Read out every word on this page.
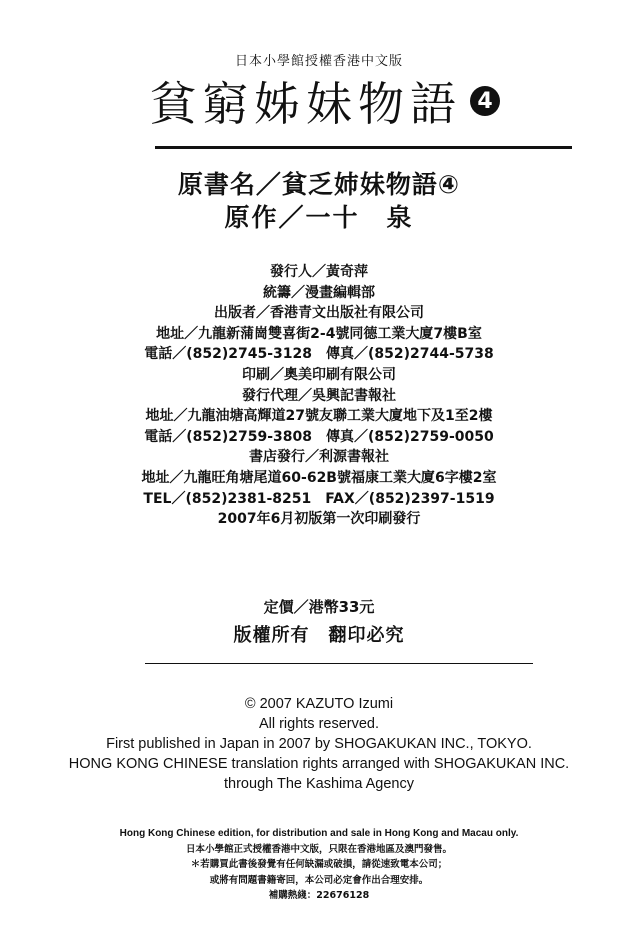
日本小學館授權香港中文版
貧窮姊妹物語 4
原書名／貧乏姉妹物語④
原作／一十　泉
發行人／黃奇萍
統籌／漫畫編輯部
出版者／香港青文出版社有限公司
地址／九龍新蒲崗雙喜街2-4號同德工業大廈7樓B室
電話／(852)2745-3128　傳真／(852)2744-5738
印刷／奧美印刷有限公司
發行代理／吳興記書報社
地址／九龍油塘高輝道27號友聯工業大廈地下及1至2樓
電話／(852)2759-3808　傳真／(852)2759-0050
書店發行／利源書報社
地址／九龍旺角塘尾道60-62B號福康工業大廈6字樓2室
TEL／(852)2381-8251　FAX／(852)2397-1519
2007年6月初版第一次印刷發行
定價／港幣33元
版權所有　翻印必究
© 2007 KAZUTO Izumi
All rights reserved.
First published in Japan in 2007 by SHOGAKUKAN INC., TOKYO.
HONG KONG CHINESE translation rights arranged with SHOGAKUKAN INC.
through The Kashima Agency
Hong Kong Chinese edition, for distribution and sale in Hong Kong and Macau only.
日本小學館正式授權香港中文版，只限在香港地區及澳門發售。
＊若購買此書後發覺有任何缺漏或破損，請從速致電本公司；
或將有問題書籍寄回，本公司必定會作出合理安排。
補購熱綫：22676128
